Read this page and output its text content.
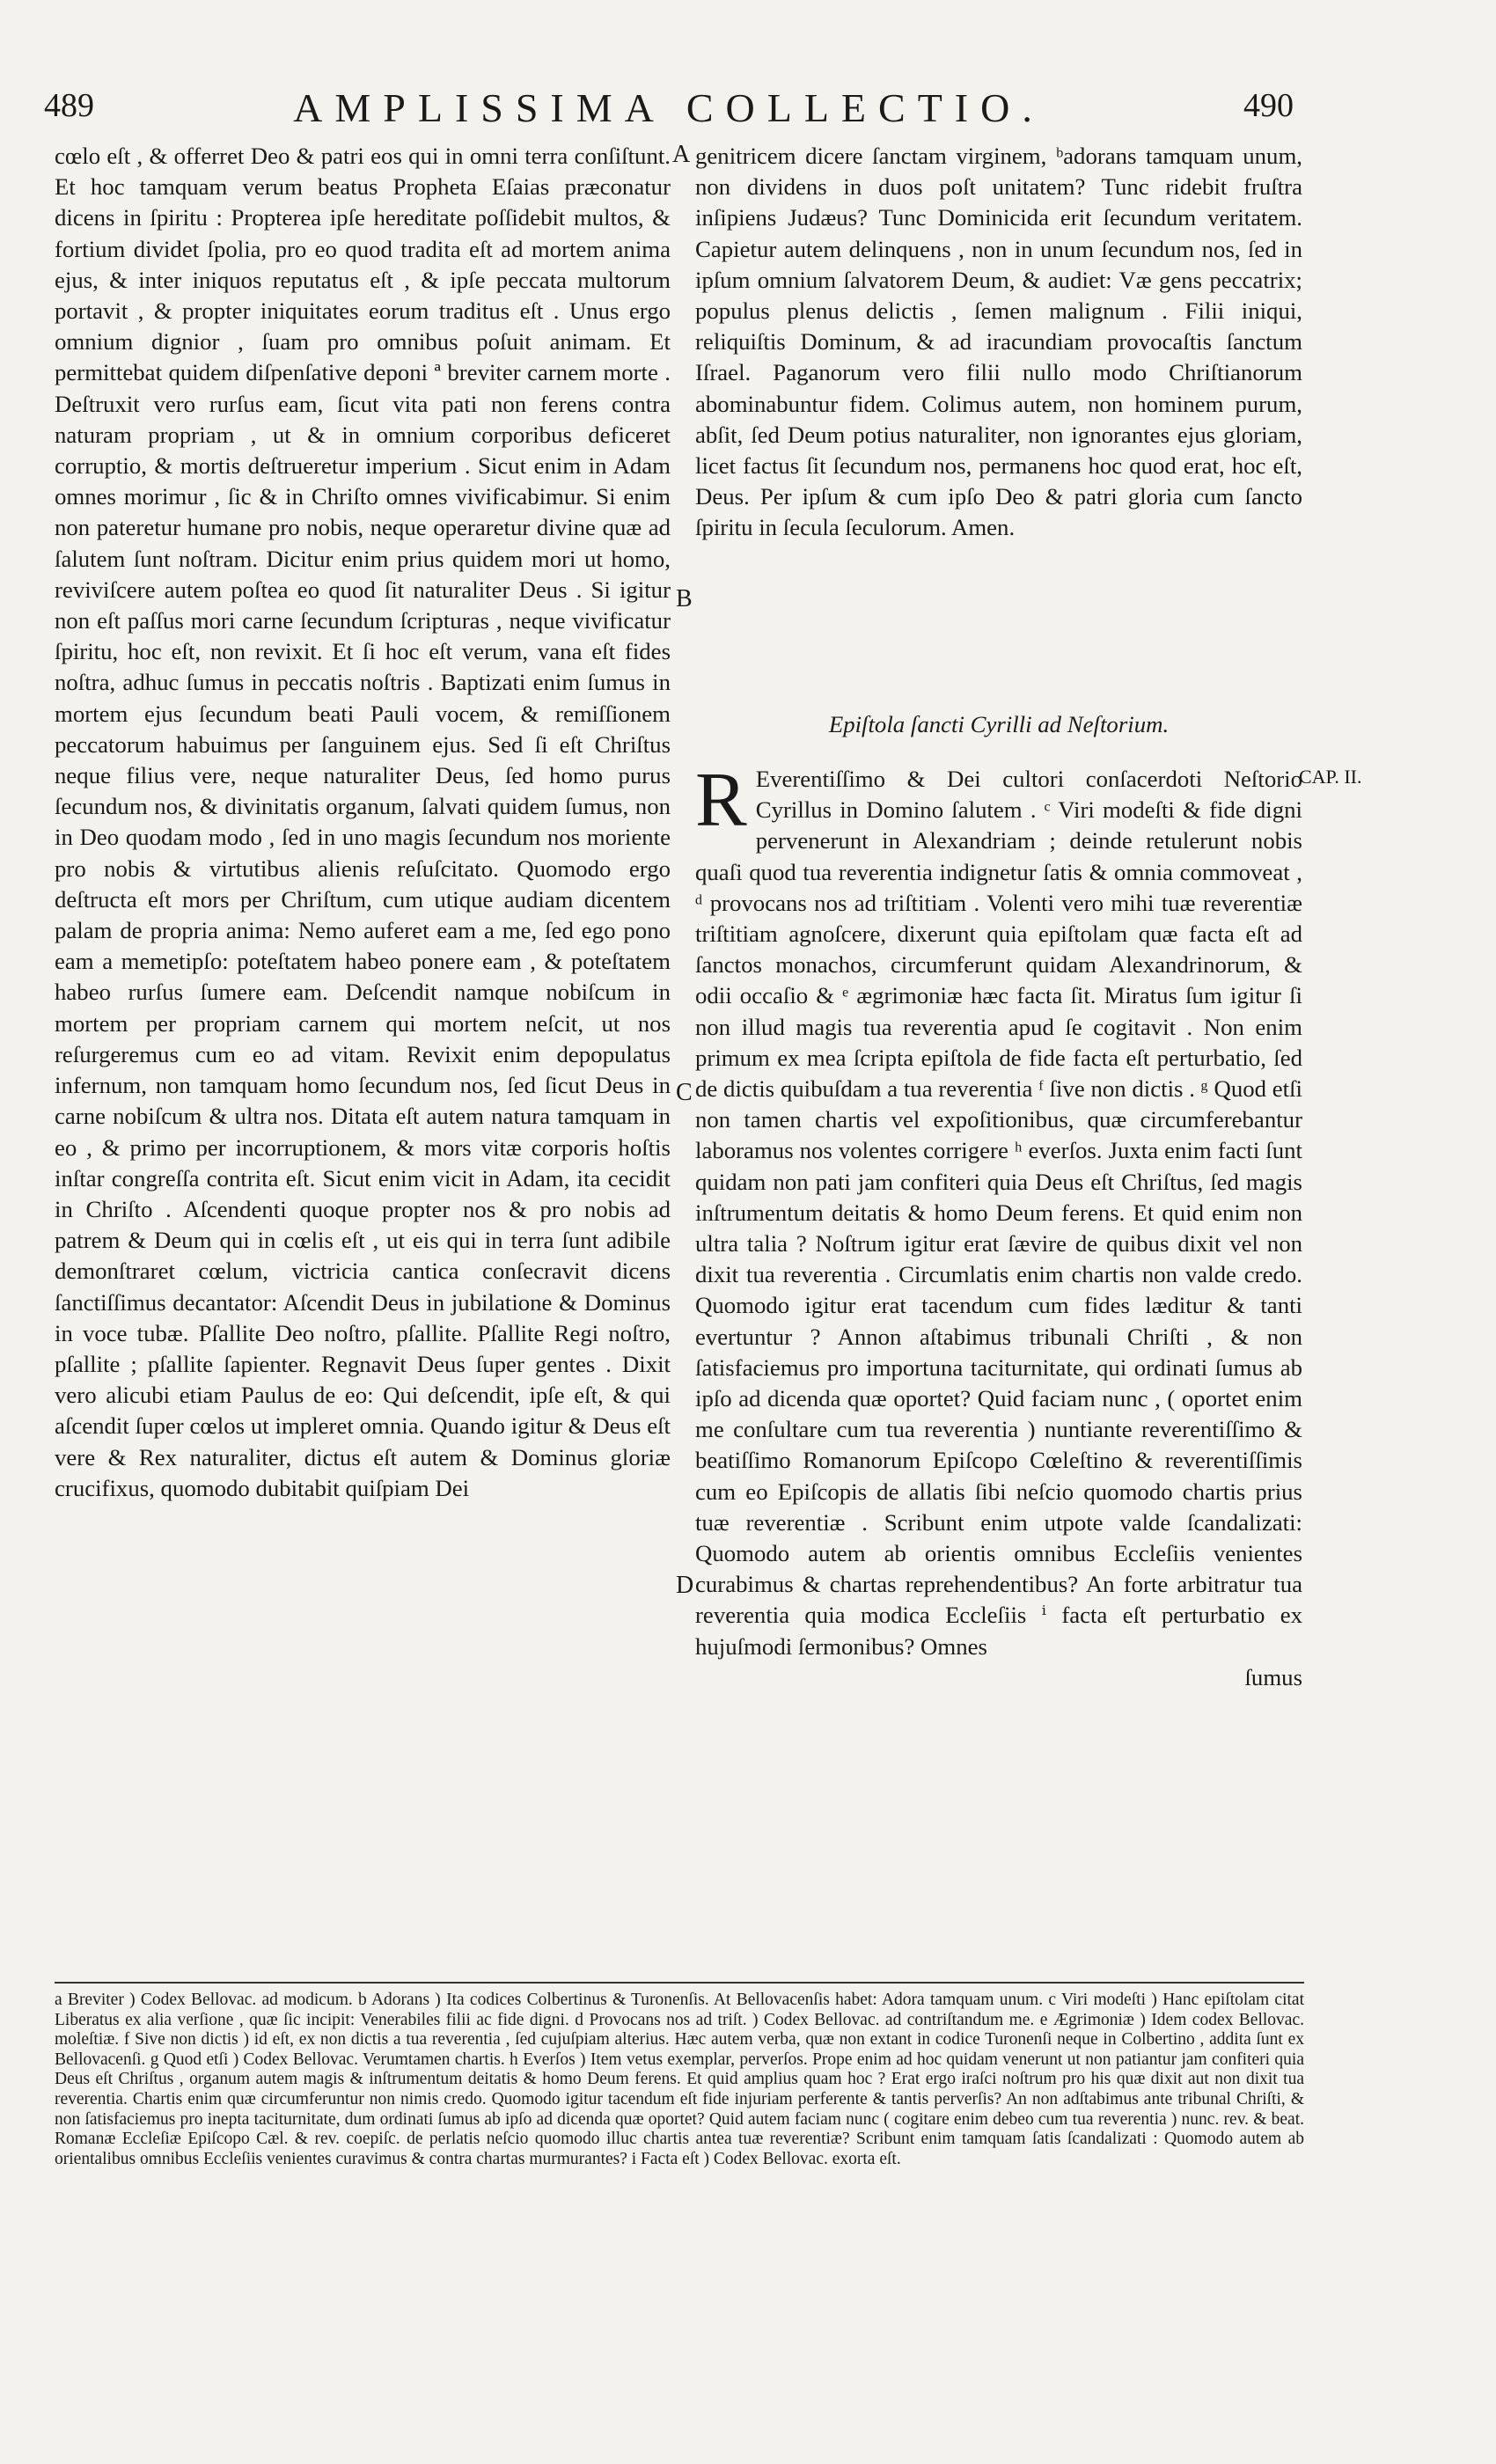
489	AMPLISSIMA COLLECTIO.	490

cœlo eſt , & offerret Deo & patri eos qui in omni terra conſiſtunt. Et hoc tamquam verum beatus Propheta Eſaias præconatur dicens in ſpiritu : Propterea ipſe hereditate poſſidebit multos, & fortium dividet ſpolia, pro eo quod tradita eſt ad mortem anima ejus, & inter iniquos reputatus eſt , & ipſe peccata multorum portavit , & propter iniquitates eorum traditus eſt . Unus ergo omnium dignior , ſuam pro omnibus poſuit animam. Et permittebat quidem diſpenſative deponi ª breviter carnem morte . Deſtruxit vero rurſus eam, ſicut vita pati non ferens contra naturam propriam , ut & in omnium corporibus deficeret corruptio, & mortis deſtrueretur imperium . Sicut enim in Adam omnes morimur , ſic & in Chriſto omnes vivificabimur. Si enim non pateretur humane pro nobis, neque operaretur divine quæ ad ſalutem ſunt noſtram. Dicitur enim prius quidem mori ut homo, reviviſcere autem poſtea eo quod ſit naturaliter Deus . Si igitur non eſt paſſus mori carne ſecundum ſcripturas , neque vivificatur ſpiritu, hoc eſt, non revixit. Et ſi hoc eſt verum, vana eſt fides noſtra, adhuc ſumus in peccatis noſtris . Baptizati enim ſumus in mortem ejus ſecundum beati Pauli vocem, & remiſſionem peccatorum habuimus per ſanguinem ejus. Sed ſi eſt Chriſtus neque filius vere, neque naturaliter Deus, ſed homo purus ſecundum nos, & divinitatis organum, ſalvati quidem ſumus, non in Deo quodam modo , ſed in uno magis ſecundum nos moriente pro nobis & virtutibus alienis reſuſcitato. Quomodo ergo deſtructa eſt mors per Chriſtum, cum utique audiam dicentem palam de propria anima: Nemo auferet eam a me, ſed ego pono eam a memetipſo: poteſtatem habeo ponere eam , & poteſtatem habeo rurſus ſumere eam. Deſcendit namque nobiſcum in mortem per propriam carnem qui mortem neſcit, ut nos reſurgeremus cum eo ad vitam. Revixit enim depopulatus infernum, non tamquam homo ſecundum nos, ſed ſicut Deus in carne nobiſcum & ultra nos. Ditata eſt autem natura tamquam in eo , & primo per incorruptionem, & mors vitæ corporis hoſtis inſtar congreſſa contrita eſt. Sicut enim vicit in Adam, ita cecidit in Chriſto . Aſcendenti quoque propter nos & pro nobis ad patrem & Deum qui in cœlis eſt , ut eis qui in terra ſunt adibile demonſtraret cœlum, victricia cantica conſecravit dicens ſanctiſſimus decantator: Aſcendit Deus in jubilatione & Dominus in voce tubæ. Pſallite Deo noſtro, pſallite. Pſallite Regi noſtro, pſallite ; pſallite ſapienter. Regnavit Deus ſuper gentes . Dixit vero alicubi etiam Paulus de eo: Qui deſcendit, ipſe eſt, & qui aſcendit ſuper cœlos ut impleret omnia. Quando igitur & Deus eſt vere & Rex naturaliter, dictus eſt autem & Dominus gloriæ crucifixus, quomodo dubitabit quiſpiam Dei

genitricem dicere ſanctam virginem, ᵇadorans tamquam unum, non dividens in duos poſt unitatem? Tunc ridebit fruſtra inſipiens Judæus? Tunc Dominicida erit ſecundum veritatem. Capietur autem delinquens , non in unum ſecundum nos, ſed in ipſum omnium ſalvatorem Deum, & audiet: Væ gens peccatrix; populus plenus delictis , ſemen malignum . Filii iniqui, reliquiſtis Dominum, & ad iracundiam provocaſtis ſanctum Iſrael. Paganorum vero filii nullo modo Chriſtianorum abominabuntur fidem. Colimus autem, non hominem purum, abſit, ſed Deum potius naturaliter, non ignorantes ejus gloriam, licet factus ſit ſecundum nos, permanens hoc quod erat, hoc eſt, Deus. Per ipſum & cum ipſo Deo & patri gloria cum ſancto ſpiritu in ſecula ſeculorum. Amen.

Epiſtola ſancti Cyrilli ad Neſtorium.
CAP. II.

R Everentiſſimo & Dei cultori conſacerdoti Neſtorio Cyrillus in Domino ſalutem . ᶜ Viri modeſti & fide digni pervenerunt in Alexandriam ; deinde retulerunt nobis quaſi quod tua reverentia indignetur ſatis & omnia commoveat , ᵈ provocans nos ad triſtitiam . Volenti vero mihi tuæ reverentiæ triſtitiam agnoſcere, dixerunt quia epiſtolam quæ facta eſt ad ſanctos monachos, circumferunt quidam Alexandrinorum, & odii occaſio & ᵉ ægrimoniæ hæc facta ſit. Miratus ſum igitur ſi non illud magis tua reverentia apud ſe cogitavit . Non enim primum ex mea ſcripta epiſtola de fide facta eſt perturbatio, ſed de dictis quibuſdam a tua reverentia ᶠ ſive non dictis . ᵍ Quod etſi non tamen chartis vel expoſitionibus, quæ circumferebantur laboramus nos volentes corrigere ʰ everſos. Juxta enim facti ſunt quidam non pati jam confiteri quia Deus eſt Chriſtus, ſed magis inſtrumentum deitatis & homo Deum ferens. Et quid enim non ultra talia ? Noſtrum igitur erat ſævire de quibus dixit vel non dixit tua reverentia . Circumlatis enim chartis non valde credo. Quomodo igitur erat tacendum cum fides læditur & tanti evertuntur ? Annon aſtabimus tribunali Chriſti , & non ſatisfaciemus pro importuna taciturnitate, qui ordinati ſumus ab ipſo ad dicenda quæ oportet? Quid faciam nunc , ( oportet enim me conſultare cum tua reverentia ) nuntiante reverentiſſimo & beatiſſimo Romanorum Epiſcopo Cœleſtino & reverentiſſimis cum eo Epiſcopis de allatis ſibi neſcio quomodo chartis prius tuæ reverentiæ . Scribunt enim utpote valde ſcandalizati: Quomodo autem ab orientis omnibus Eccleſiis venientes curabimus & chartas reprehendentibus? An forte arbitratur tua reverentia quia modica Eccleſiis ⁱ facta eſt perturbatio ex hujuſmodi ſermonibus? Omnes

ſumus

A
B
C
D

a Breviter ) Codex Bellovac. ad modicum. b Adorans ) Ita codices Colbertinus & Turonenſis. At Bellovacenſis habet: Adora tamquam unum. c Viri modeſti ) Hanc epiſtolam citat Liberatus ex alia verſione , quæ ſic incipit: Venerabiles filii ac fide digni. d Provocans nos ad triſt. ) Codex Bellovac. ad contriſtandum me. e Ægrimoniæ ) Idem codex Bellovac. moleſtiæ. f Sive non dictis ) id eſt, ex non dictis a tua reverentia , ſed cujuſpiam alterius. Hæc autem verba, quæ non extant in codice Turonenſi neque in Colbertino , addita ſunt ex Bellovacenſi. g Quod etſi ) Codex Bellovac. Verumtamen chartis. h Everſos ) Item vetus exemplar, perverſos. Prope enim ad hoc quidam venerunt ut non patiantur jam confiteri quia Deus eſt Chriſtus , organum autem magis & inſtrumentum deitatis & homo Deum ferens. Et quid amplius quam hoc ? Erat ergo iraſci noſtrum pro his quæ dixit aut non dixit tua reverentia. Chartis enim quæ circumferuntur non nimis credo. Quomodo igitur tacendum eſt fide injuriam perferente & tantis perverſis? An non adſtabimus ante tribunal Chriſti, & non ſatisfaciemus pro inepta taciturnitate, dum ordinati ſumus ab ipſo ad dicenda quæ oportet? Quid autem faciam nunc ( cogitare enim debeo cum tua reverentia ) nunc. rev. & beat. Romanæ Eccleſiæ Epiſcopo Cæl. & rev. coepiſc. de perlatis neſcio quomodo illuc chartis antea tuæ reverentiæ? Scribunt enim tamquam ſatis ſcandalizati : Quomodo autem ab orientalibus omnibus Eccleſiis venientes curavimus & contra chartas murmurantes? i Facta eſt ) Codex Bellovac. exorta eſt.
